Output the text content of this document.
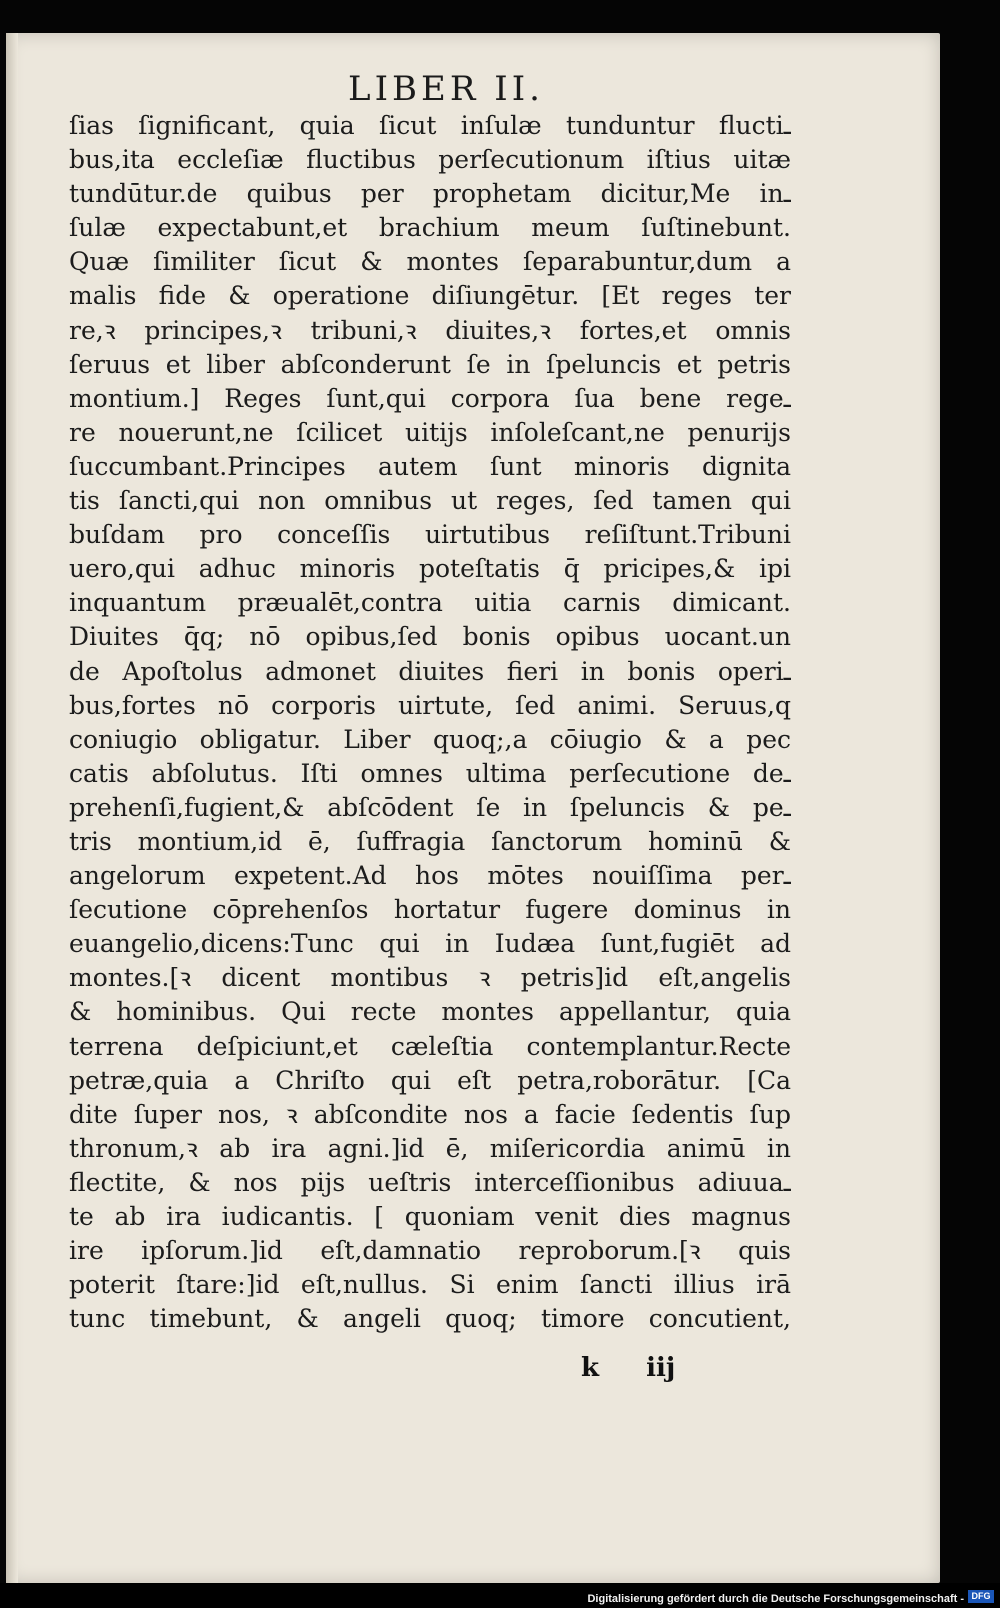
LIBER II.
ſias ſignificant, quia ſicut inſulæ tunduntur fluctiـ
bus,ita eccleſiæ fluctibus perſecutionum iſtius uitæ
tundūtur.de quibus per prophetam dicitur,Me inـ
ſulæ expectabunt,et brachium meum ſuſtinebunt.
Quæ ſimiliter ſicut & montes ſeparabuntur,dum a
malis fide & operatione diſiungētur. [Et reges ter
re,ꝛ principes,ꝛ tribuni,ꝛ diuites,ꝛ fortes,et omnis
ſeruus et liber abſconderunt ſe in ſpeluncis et petris
montium.] Reges ſunt,qui corpora ſua bene regeـ
re nouerunt,ne ſcilicet uitijs inſoleſcant,ne penurijs
ſuccumbant.Principes autem ſunt minoris dignita
tis ſancti,qui non omnibus ut reges, ſed tamen qui
buſdam pro conceſſis uirtutibus reſiſtunt.Tribuni
uero,qui adhuc minoris poteſtatis q̄ pricipes,& ipi
inquantum præualēt,contra uitia carnis dimicant.
Diuites q̄q; nō opibus,ſed bonis opibus uocant.un
de Apoſtolus admonet diuites fieri in bonis operiـ
bus,fortes nō corporis uirtute, ſed animi. Seruus,q
coniugio obligatur. Liber quoq;,a cōiugio & a pec
catis abſolutus. Iſti omnes ultima perſecutione deـ
prehenſi,fugient,& abſcōdent ſe in ſpeluncis & peـ
tris montium,id ē, ſuffragia ſanctorum hominū &
angelorum expetent.Ad hos mōtes nouiſſima perـ
ſecutione cōprehenſos hortatur fugere dominus in
euangelio,dicens:Tunc qui in Iudæa ſunt,fugiēt ad
montes.[ꝛ dicent montibus ꝛ petris]id eſt,angelis
& hominibus. Qui recte montes appellantur, quia
terrena deſpiciunt,et cæleſtia contemplantur.Recte
petræ,quia a Chriſto qui eſt petra,roborātur. [Ca
dite ſuper nos, ꝛ abſcondite nos a facie ſedentis ſup
thronum,ꝛ ab ira agni.]id ē, miſericordia animū in
flectite, & nos pijs ueſtris interceſſionibus adiuuaـ
te ab ira iudicantis. [ quoniam venit dies magnus
ire ipſorum.]id eſt,damnatio reproborum.[ꝛ quis
poterit ſtare:]id eſt,nullus. Si enim ſancti illius irā
tunc timebunt, & angeli quoq; timore concutient,
k iij
Digitalisierung gefördert durch die Deutsche Forschungsgemeinschaft - DFG
